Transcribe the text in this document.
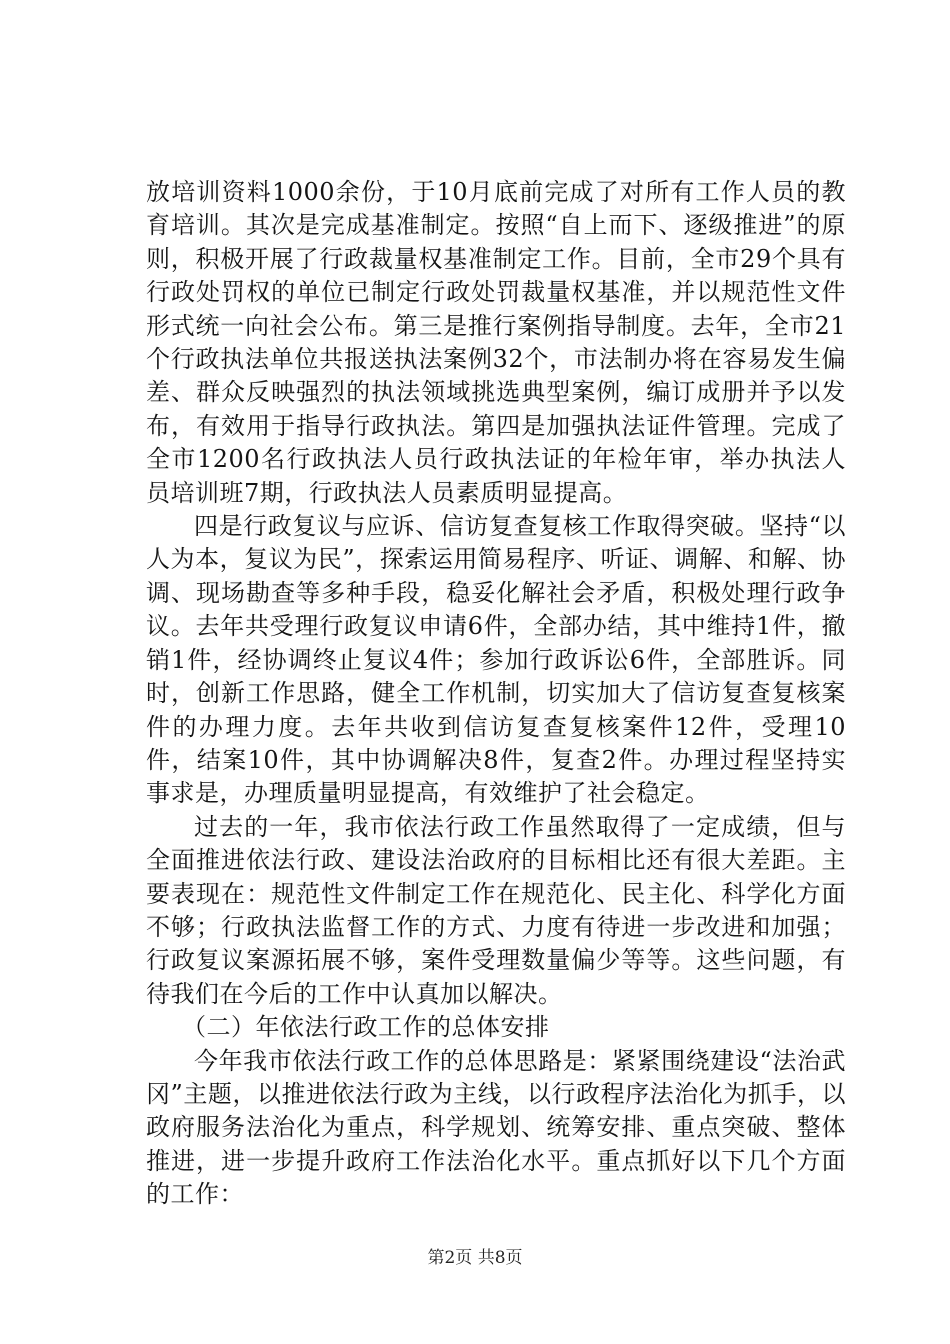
放培训资料1000余份，于10月底前完成了对所有工作人员的教育培训。其次是完成基准制定。按照“自上而下、逐级推进”的原则，积极开展了行政裁量权基准制定工作。目前，全市29个具有行政处罚权的单位已制定行政处罚裁量权基准，并以规范性文件形式统一向社会公布。第三是推行案例指导制度。去年，全市21个行政执法单位共报送执法案例32个，市法制办将在容易发生偏差、群众反映强烈的执法领域挑选典型案例，编订成册并予以发布，有效用于指导行政执法。第四是加强执法证件管理。完成了全市1200名行政执法人员行政执法证的年检年审，举办执法人员培训班7期，行政执法人员素质明显提高。

四是行政复议与应诉、信访复查复核工作取得突破。坚持“以人为本，复议为民”，探索运用简易程序、听证、调解、和解、协调、现场勘查等多种手段，稳妥化解社会矛盾，积极处理行政争议。去年共受理行政复议申请6件，全部办结，其中维持1件，撤销1件，经协调终止复议4件；参加行政诉讼6件，全部胜诉。同时，创新工作思路，健全工作机制，切实加大了信访复查复核案件的办理力度。去年共收到信访复查复核案件12件，受理10件，结案10件，其中协调解决8件，复查2件。办理过程坚持实事求是，办理质量明显提高，有效维护了社会稳定。

过去的一年，我市依法行政工作虽然取得了一定成绩，但与全面推进依法行政、建设法治政府的目标相比还有很大差距。主要表现在：规范性文件制定工作在规范化、民主化、科学化方面不够；行政执法监督工作的方式、力度有待进一步改进和加强；行政复议案源拓展不够，案件受理数量偏少等等。这些问题，有待我们在今后的工作中认真加以解决。

（二）年依法行政工作的总体安排

今年我市依法行政工作的总体思路是：紧紧围绕建设“法治武冈”主题，以推进依法行政为主线，以行政程序法治化为抓手，以政府服务法治化为重点，科学规划、统筹安排、重点突破、整体推进，进一步提升政府工作法治化水平。重点抓好以下几个方面的工作：

第2页 共8页
